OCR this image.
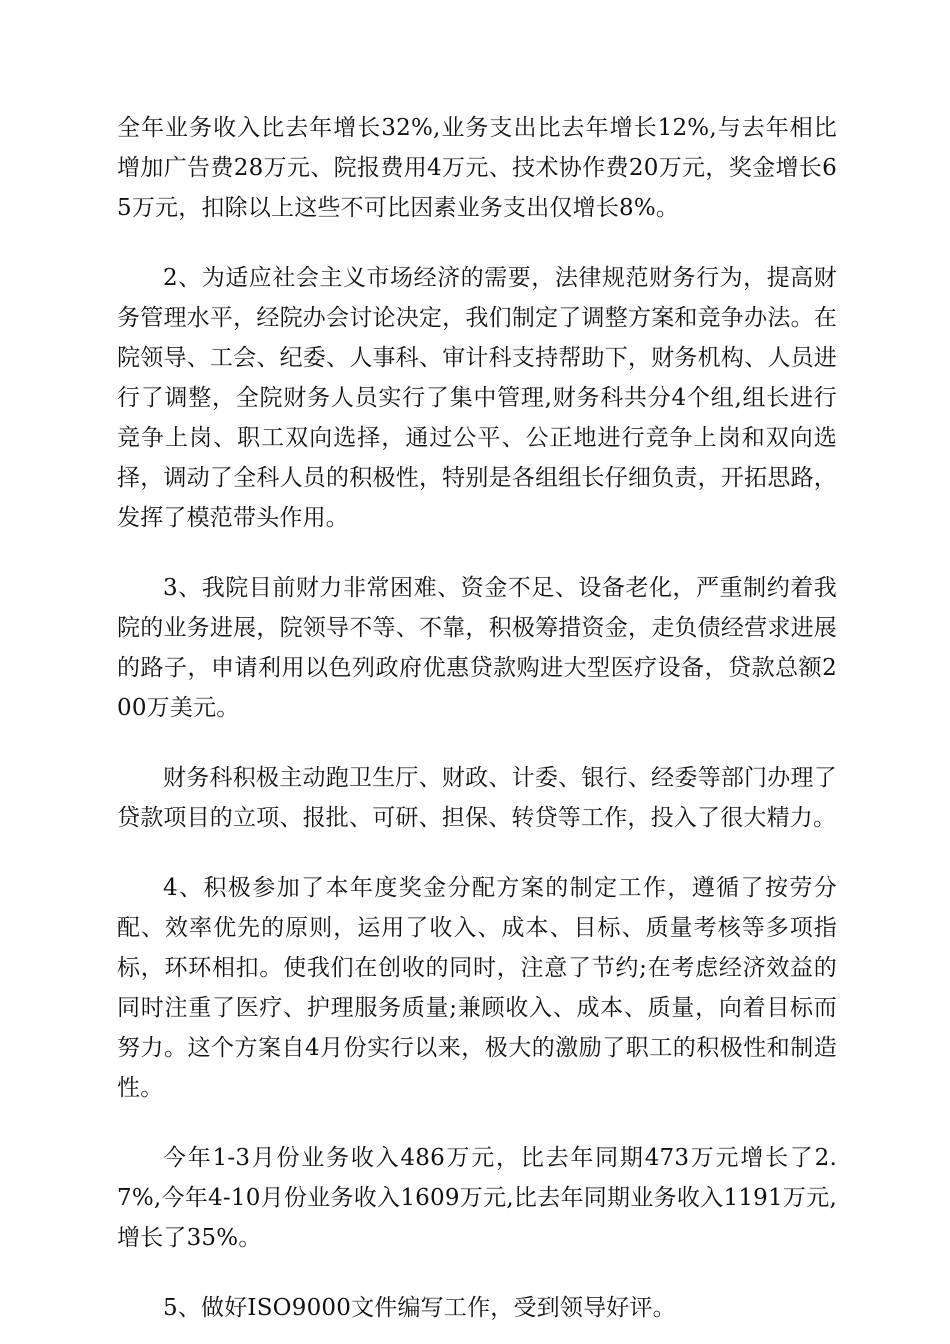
全年业务收入比去年增长32%,业务支出比去年增长12%,与去年相比增加广告费28万元、院报费用4万元、技术协作费20万元，奖金增长65万元，扣除以上这些不可比因素业务支出仅增长8%。

2、为适应社会主义市场经济的需要，法律规范财务行为，提高财务管理水平，经院办会讨论决定，我们制定了调整方案和竞争办法。在院领导、工会、纪委、人事科、审计科支持帮助下，财务机构、人员进行了调整，全院财务人员实行了集中管理,财务科共分4个组,组长进行竞争上岗、职工双向选择，通过公平、公正地进行竞争上岗和双向选择，调动了全科人员的积极性，特别是各组组长仔细负责，开拓思路，发挥了模范带头作用。

3、我院目前财力非常困难、资金不足、设备老化，严重制约着我院的业务进展，院领导不等、不靠，积极筹措资金，走负债经营求进展的路子，申请利用以色列政府优惠贷款购进大型医疗设备，贷款总额200万美元。

财务科积极主动跑卫生厅、财政、计委、银行、经委等部门办理了贷款项目的立项、报批、可研、担保、转贷等工作，投入了很大精力。

4、积极参加了本年度奖金分配方案的制定工作，遵循了按劳分配、效率优先的原则，运用了收入、成本、目标、质量考核等多项指标，环环相扣。使我们在创收的同时，注意了节约;在考虑经济效益的同时注重了医疗、护理服务质量;兼顾收入、成本、质量，向着目标而努力。这个方案自4月份实行以来，极大的激励了职工的积极性和制造性。

今年1-3月份业务收入486万元，比去年同期473万元增长了2.7%,今年4-10月份业务收入1609万元,比去年同期业务收入1191万元,增长了35%。

5、做好ISO9000文件编写工作，受到领导好评。
